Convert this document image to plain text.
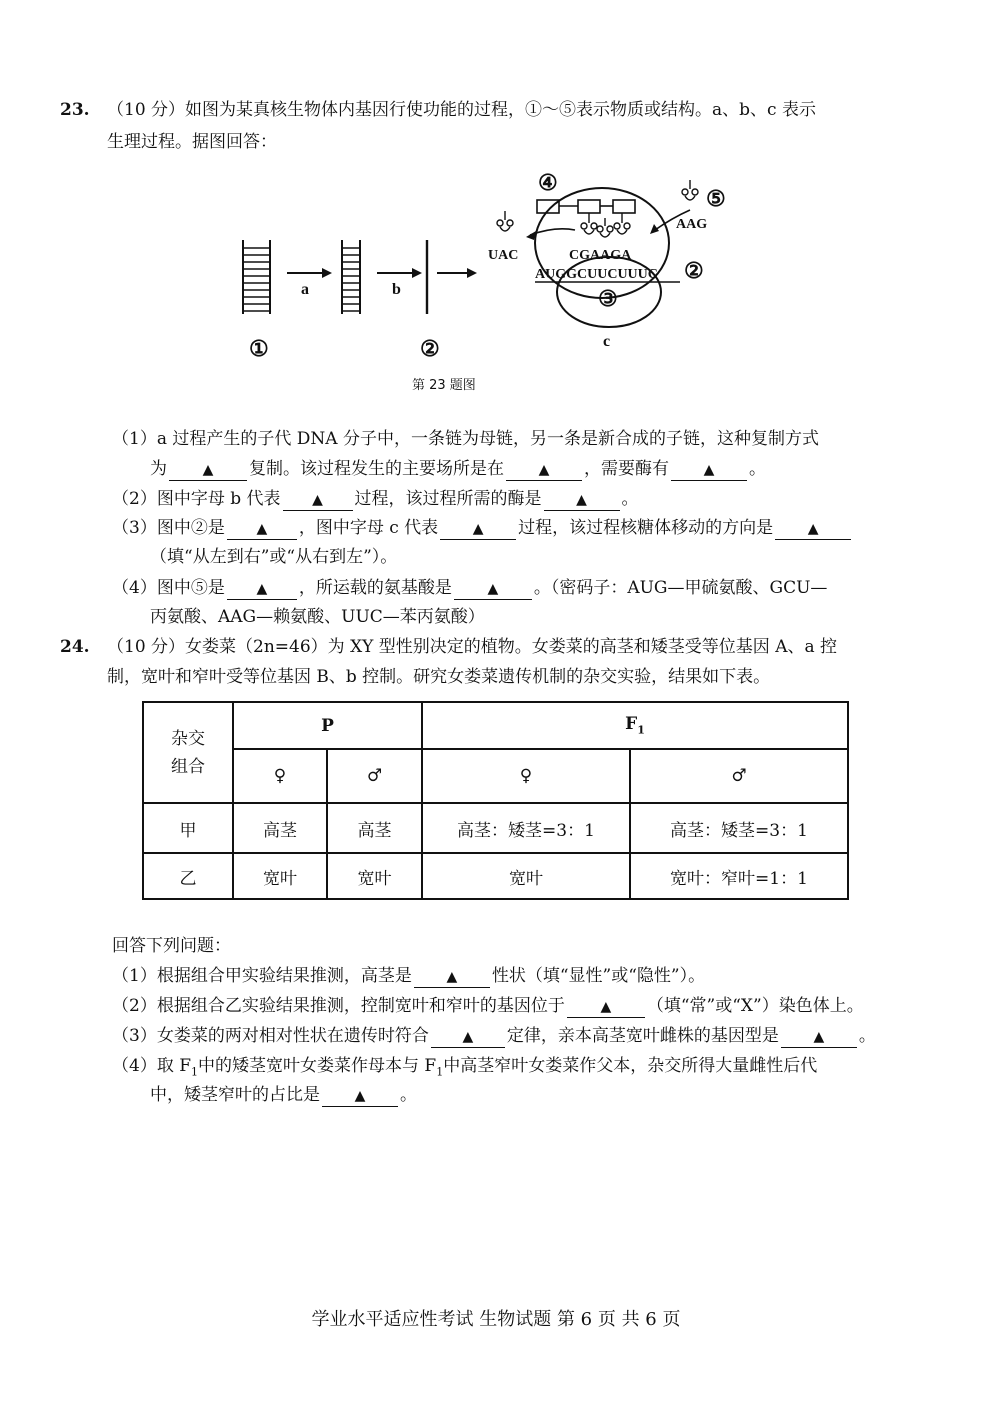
23. （10 分）如图为某真核生物体内基因行使功能的过程，①～⑤表示物质或结构。a、b、c 表示
生理过程。据图回答：
a	b
c
①	②
③
④
⑤
②
UAC
AAG
CGAAGA
AUGGCUUCUUUC
第 23 题图
（1）a 过程产生的子代 DNA 分子中，一条链为母链，另一条是新合成的子链，这种复制方式
为	▲ 复制。该过程发生的主要场所是在 ▲ ，需要酶有 ▲ 。
（2）图中字母 b 代表 ▲ 过程，该过程所需的酶是 ▲ 。
（3）图中②是 ▲ ，图中字母 c 代表 ▲ 过程，该过程核糖体移动的方向是 ▲
（填“从左到右”或“从右到左”）。
（4）图中⑤是 ▲ ，所运载的氨基酸是	▲ 。（密码子：AUG—甲硫氨酸、GCU—
丙氨酸、AAG—赖氨酸、UUC—苯丙氨酸）
24. （10 分）女娄菜（2n=46）为 XY 型性别决定的植物。女娄菜的高茎和矮茎受等位基因 A、a 控
制，宽叶和窄叶受等位基因 B、b 控制。研究女娄菜遗传机制的杂交实验，结果如下表。
杂交
组合	P		$F_1$
	♀	♂	♀	♂
甲	高茎	高茎	高茎：矮茎=3：1	高茎：矮茎=3：1
乙	宽叶	宽叶	宽叶	宽叶：窄叶=1：1
回答下列问题：
（1）根据组合甲实验结果推测，高茎是 ▲ 性状（填“显性”或“隐性”）。
（2）根据组合乙实验结果推测，控制宽叶和窄叶的基因位于	▲ （填“常”或“X”）染色体上。
（3）女娄菜的两对相对性状在遗传时符合 ▲ 定律，亲本高茎宽叶雌株的基因型是 ▲ 。
（4）取 $F_1$中的矮茎宽叶女娄菜作母本与 $F_1$中高茎窄叶女娄菜作父本，杂交所得大量雌性后代
中，矮茎窄叶的占比是 ▲ 。
学业水平适应性考试 生物试题 第 6 页 共 6 页
